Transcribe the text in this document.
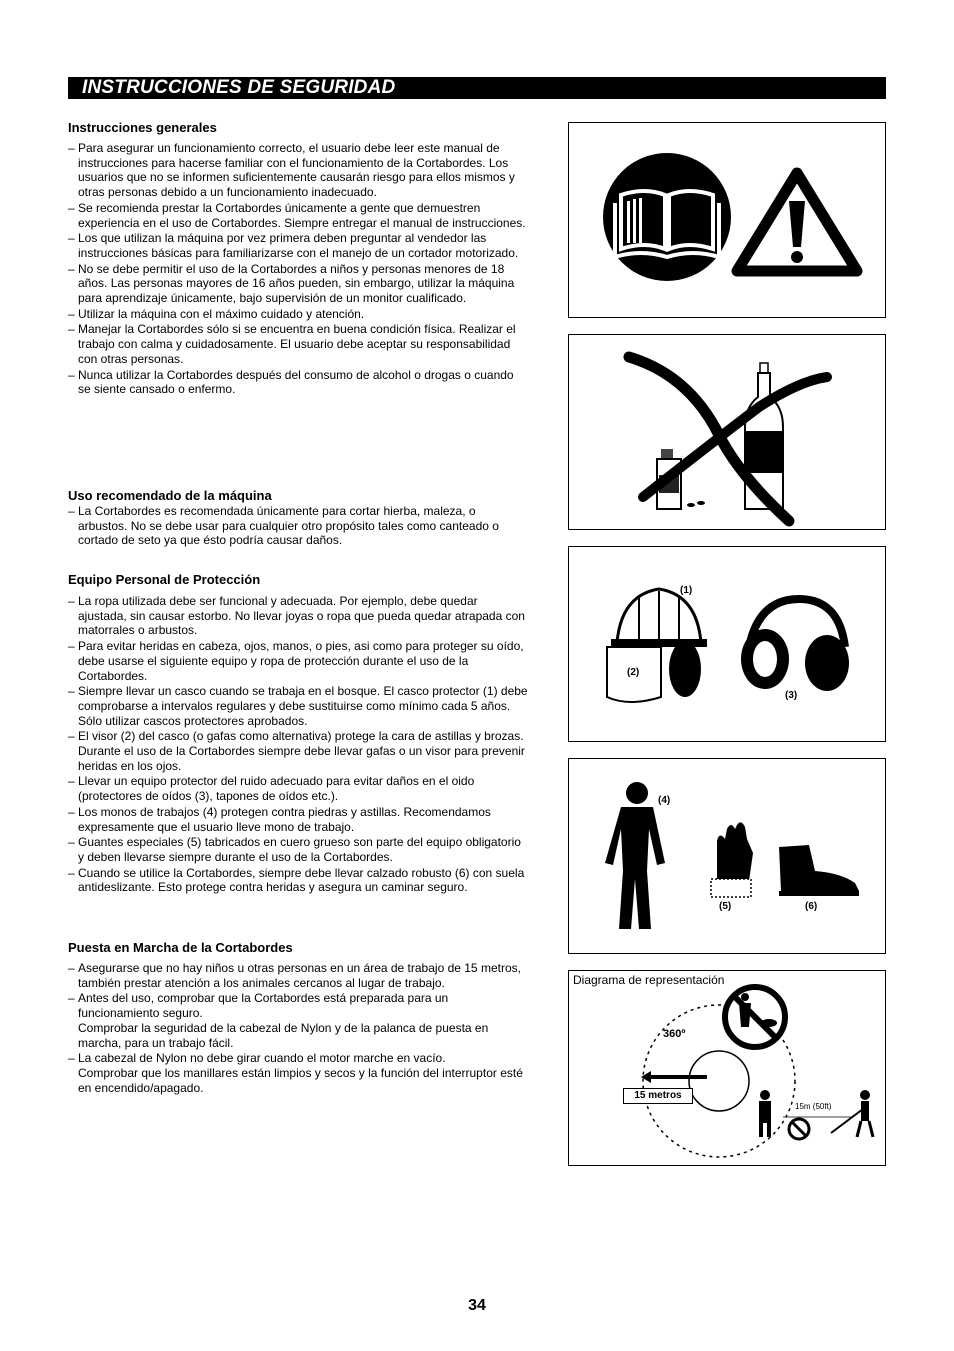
INSTRUCCIONES DE SEGURIDAD
Instrucciones generales
– Para asegurar un funcionamiento correcto, el usuario debe leer este manual de instrucciones para hacerse familiar con el funcionamiento de la Cortabordes. Los usuarios que no se informen suficientemente causarán riesgo para ellos mismos y otras personas debido a un funcionamiento inadecuado.
– Se recomienda prestar la Cortabordes únicamente a gente que demuestren experiencia en el uso de Cortabordes. Siempre entregar el manual de instrucciones.
– Los que utilizan la máquina por vez primera deben preguntar al vendedor las instrucciones básicas para familiarizarse con el manejo de un cortador motorizado.
– No se debe permitir el uso de la Cortabordes a niños y personas menores de 18 años. Las personas mayores de 16 años pueden, sin embargo, utilizar la máquina para aprendizaje únicamente, bajo supervisión de un monitor cualificado.
– Utilizar la máquina con el máximo cuidado y atención.
– Manejar la Cortabordes sólo si se encuentra en buena condición física. Realizar el trabajo con calma y cuidadosamente. El usuario debe aceptar su responsabilidad con otras personas.
– Nunca utilizar la Cortabordes después del consumo de alcohol o drogas o cuando se siente cansado o enfermo.
Uso recomendado de la máquina
– La Cortabordes es recomendada únicamente para cortar hierba, maleza, o arbustos. No se debe usar para cualquier otro propósito tales como canteado o cortado de seto ya que ésto podría causar daños.
Equipo Personal de Protección
– La ropa utilizada debe ser funcional y adecuada. Por ejemplo, debe quedar ajustada, sin causar estorbo. No llevar joyas o ropa que pueda quedar atrapada con matorrales o arbustos.
– Para evitar heridas en cabeza, ojos, manos, o pies, asi como para proteger su oído, debe usarse el siguiente equipo y ropa de protección durante el uso de la Cortabordes.
– Siempre llevar un casco cuando se trabaja en el bosque. El casco protector (1) debe comprobarse a intervalos regulares y debe sustituirse como mínimo cada 5 años. Sólo utilizar cascos protectores aprobados.
– El visor (2) del casco (o gafas como alternativa) protege la cara de astillas y brozas. Durante el uso de la Cortabordes siempre debe llevar gafas o un visor para prevenir heridas en los ojos.
– Llevar un equipo protector del ruido adecuado para evitar daños en el oido (protectores de oídos (3), tapones de oídos etc.).
– Los monos de trabajos (4) protegen contra piedras y astillas. Recomendamos expresamente que el usuario lleve mono de trabajo.
– Guantes especiales (5) tabricados en cuero grueso son parte del equipo obligatorio y deben llevarse siempre durante el uso de la Cortabordes.
– Cuando se utilice la Cortabordes, siempre debe llevar calzado robusto (6) con suela antideslizante. Esto protege contra heridas y asegura un caminar seguro.
Puesta en Marcha de la Cortabordes
– Asegurarse que no hay niños u otras personas en un área de trabajo de 15 metros, también prestar atención a los animales cercanos al lugar de trabajo.
– Antes del uso, comprobar que la Cortabordes está preparada para un funcionamiento seguro.
Comprobar la seguridad de la cabezal de Nylon y de la palanca de puesta en marcha, para un trabajo fácil.
– La cabezal de Nylon no debe girar cuando el motor marche en vacío.
Comprobar que los manillares están limpios y secos y la función del interruptor esté en encendido/apagado.
(1)
(2)
(3)
(4)
(5)	(6)
Diagrama de representación
360º
15 metros
15m (50ft)
34
